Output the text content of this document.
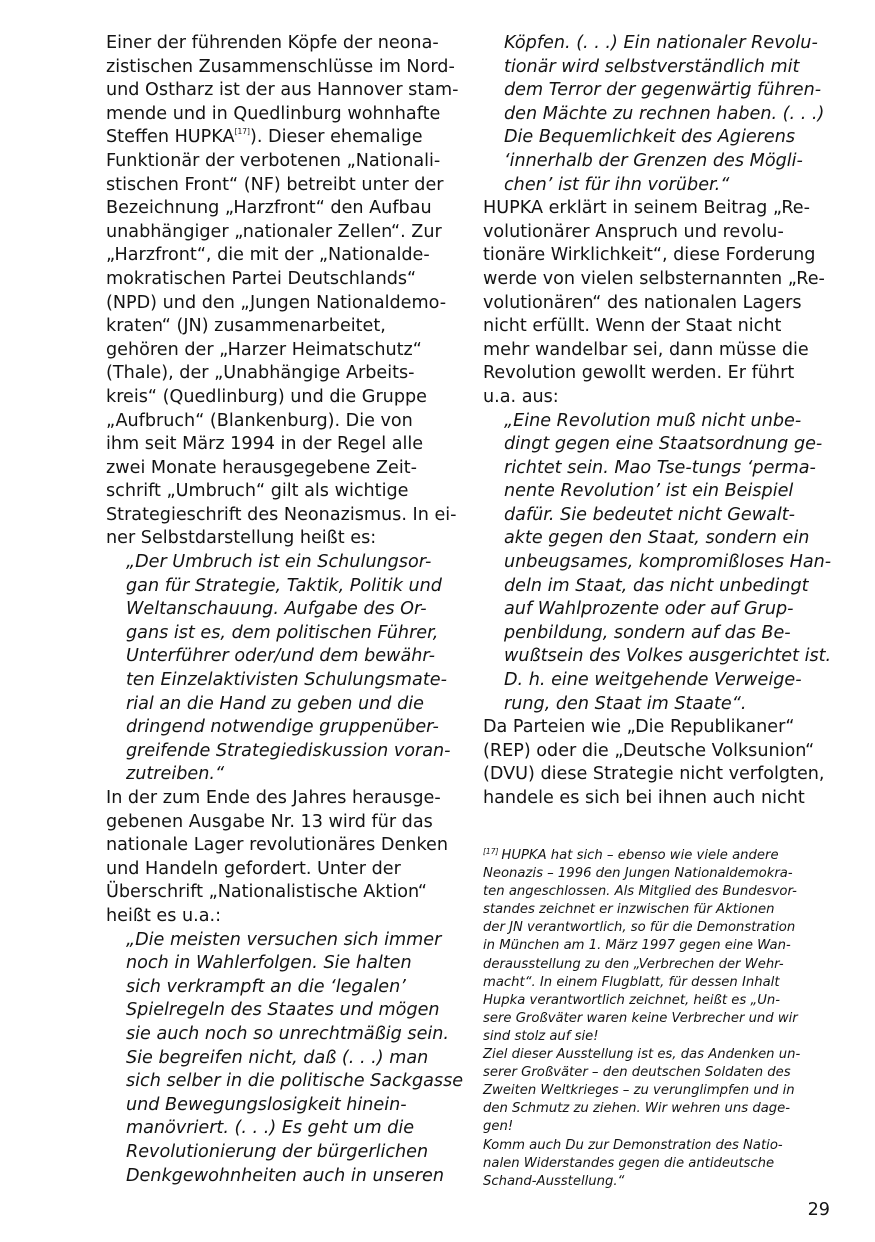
Einer der führenden Köpfe der neona-
zistischen Zusammenschlüsse im Nord-
und Ostharz ist der aus Hannover stam-
mende und in Quedlinburg wohnhafte
Steffen HUPKA[17]). Dieser ehemalige
Funktionär der verbotenen „Nationali-
stischen Front“ (NF) betreibt unter der
Bezeichnung „Harzfront“ den Aufbau
unabhängiger „nationaler Zellen“. Zur
„Harzfront“, die mit der „Nationalde-
mokratischen Partei Deutschlands“
(NPD) und den „Jungen Nationaldemo-
kraten“ (JN) zusammenarbeitet,
gehören der „Harzer Heimatschutz“
(Thale), der „Unabhängige Arbeits-
kreis“ (Quedlinburg) und die Gruppe
„Aufbruch“ (Blankenburg). Die von
ihm seit März 1994 in der Regel alle
zwei Monate herausgegebene Zeit-
schrift „Umbruch“ gilt als wichtige
Strategieschrift des Neonazismus. In ei-
ner Selbstdarstellung heißt es:
„Der Umbruch ist ein Schulungsor-
gan für Strategie, Taktik, Politik und
Weltanschauung. Aufgabe des Or-
gans ist es, dem politischen Führer,
Unterführer oder/und dem bewähr-
ten Einzelaktivisten Schulungsmate-
rial an die Hand zu geben und die
dringend notwendige gruppenüber-
greifende Strategiediskussion voran-
zutreiben.“
In der zum Ende des Jahres herausge-
gebenen Ausgabe Nr. 13 wird für das
nationale Lager revolutionäres Denken
und Handeln gefordert. Unter der
Überschrift „Nationalistische Aktion“
heißt es u.a.:
„Die meisten versuchen sich immer
noch in Wahlerfolgen. Sie halten
sich verkrampft an die ‘legalen’
Spielregeln des Staates und mögen
sie auch noch so unrechtmäßig sein.
Sie begreifen nicht, daß (. . .) man
sich selber in die politische Sackgasse
und Bewegungslosigkeit hinein-
manövriert. (. . .) Es geht um die
Revolutionierung der bürgerlichen
Denkgewohnheiten auch in unseren
Köpfen. (. . .) Ein nationaler Revolu-
tionär wird selbstverständlich mit
dem Terror der gegenwärtig führen-
den Mächte zu rechnen haben. (. . .)
Die Bequemlichkeit des Agierens
‘innerhalb der Grenzen des Mögli-
chen’ ist für ihn vorüber.“
HUPKA erklärt in seinem Beitrag „Re-
volutionärer Anspruch und revolu-
tionäre Wirklichkeit“, diese Forderung
werde von vielen selbsternannten „Re-
volutionären“ des nationalen Lagers
nicht erfüllt. Wenn der Staat nicht
mehr wandelbar sei, dann müsse die
Revolution gewollt werden. Er führt
u.a. aus:
„Eine Revolution muß nicht unbe-
dingt gegen eine Staatsordnung ge-
richtet sein. Mao Tse-tungs ‘perma-
nente Revolution’ ist ein Beispiel
dafür. Sie bedeutet nicht Gewalt-
akte gegen den Staat, sondern ein
unbeugsames, kompromißloses Han-
deln im Staat, das nicht unbedingt
auf Wahlprozente oder auf Grup-
penbildung, sondern auf das Be-
wußtsein des Volkes ausgerichtet ist.
D. h. eine weitgehende Verweige-
rung, den Staat im Staate“.
Da Parteien wie „Die Republikaner“
(REP) oder die „Deutsche Volksunion“
(DVU) diese Strategie nicht verfolgten,
handele es sich bei ihnen auch nicht
[17] HUPKA hat sich – ebenso wie viele andere
Neonazis – 1996 den Jungen Nationaldemokra-
ten angeschlossen. Als Mitglied des Bundesvor-
standes zeichnet er inzwischen für Aktionen
der JN verantwortlich, so für die Demonstration
in München am 1. März 1997 gegen eine Wan-
derausstellung zu den „Verbrechen der Wehr-
macht“. In einem Flugblatt, für dessen Inhalt
Hupka verantwortlich zeichnet, heißt es „Un-
sere Großväter waren keine Verbrecher und wir
sind stolz auf sie!
Ziel dieser Ausstellung ist es, das Andenken un-
serer Großväter – den deutschen Soldaten des
Zweiten Weltkrieges – zu verunglimpfen und in
den Schmutz zu ziehen. Wir wehren uns dage-
gen!
Komm auch Du zur Demonstration des Natio-
nalen Widerstandes gegen die antideutsche
Schand-Ausstellung.“
29
